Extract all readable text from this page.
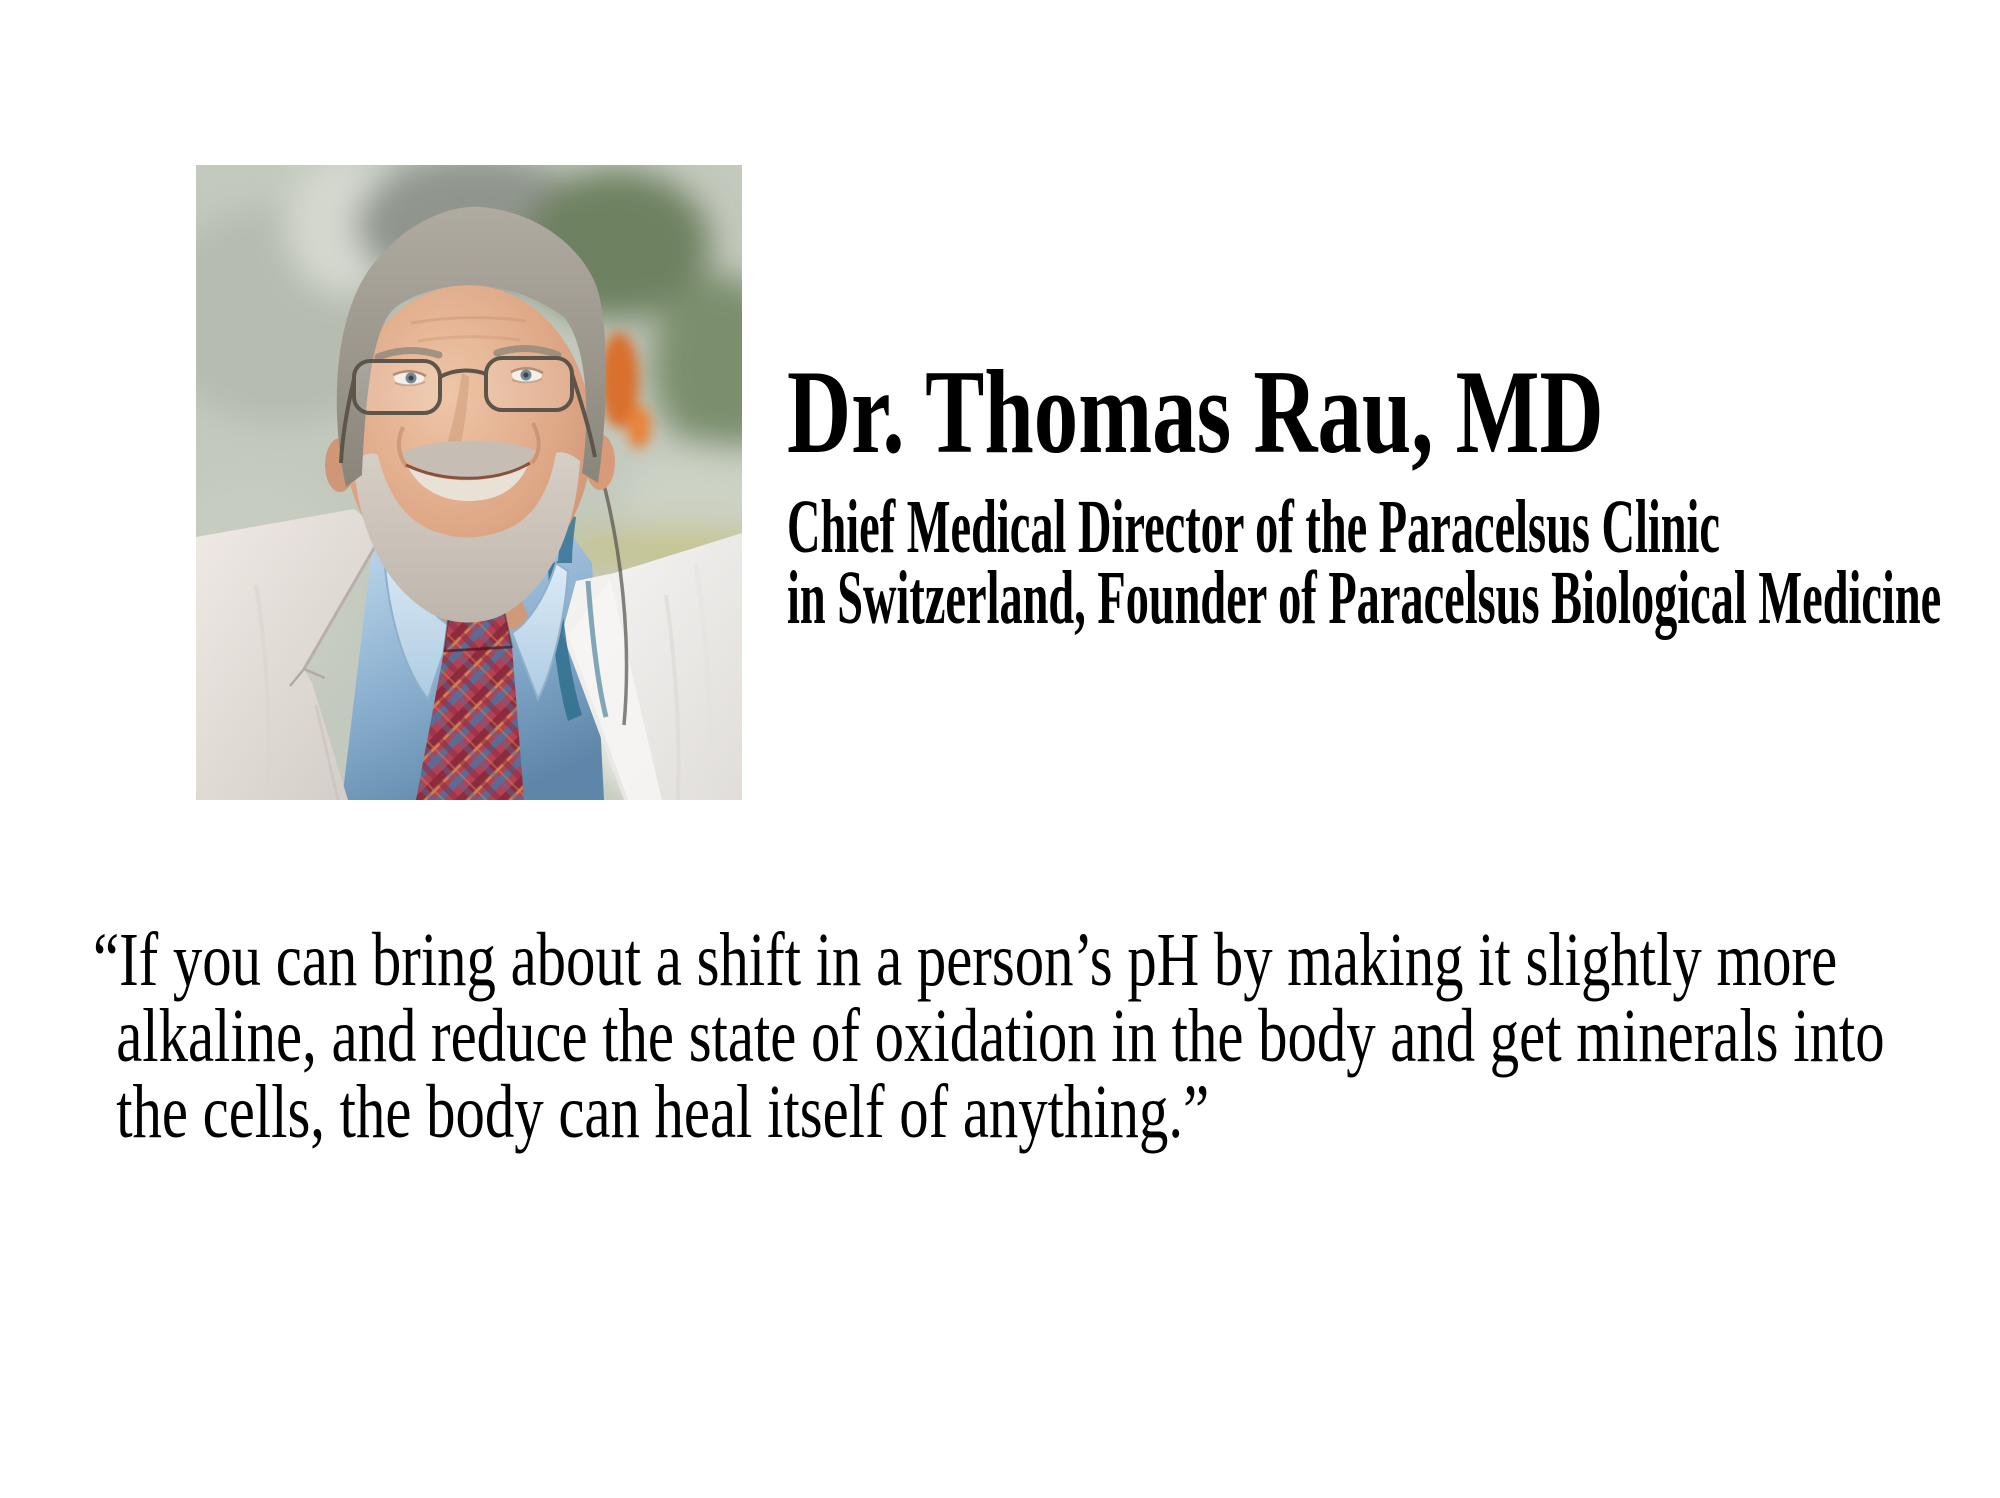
Dr. Thomas Rau, MD
Chief Medical Director of the Paracelsus Clinic
in Switzerland, Founder of Paracelsus Biological Medicine
“If you can bring about a shift in a person’s pH by making it slightly more
alkaline, and reduce the state of oxidation in the body and get minerals into
the cells, the body can heal itself of anything.”
